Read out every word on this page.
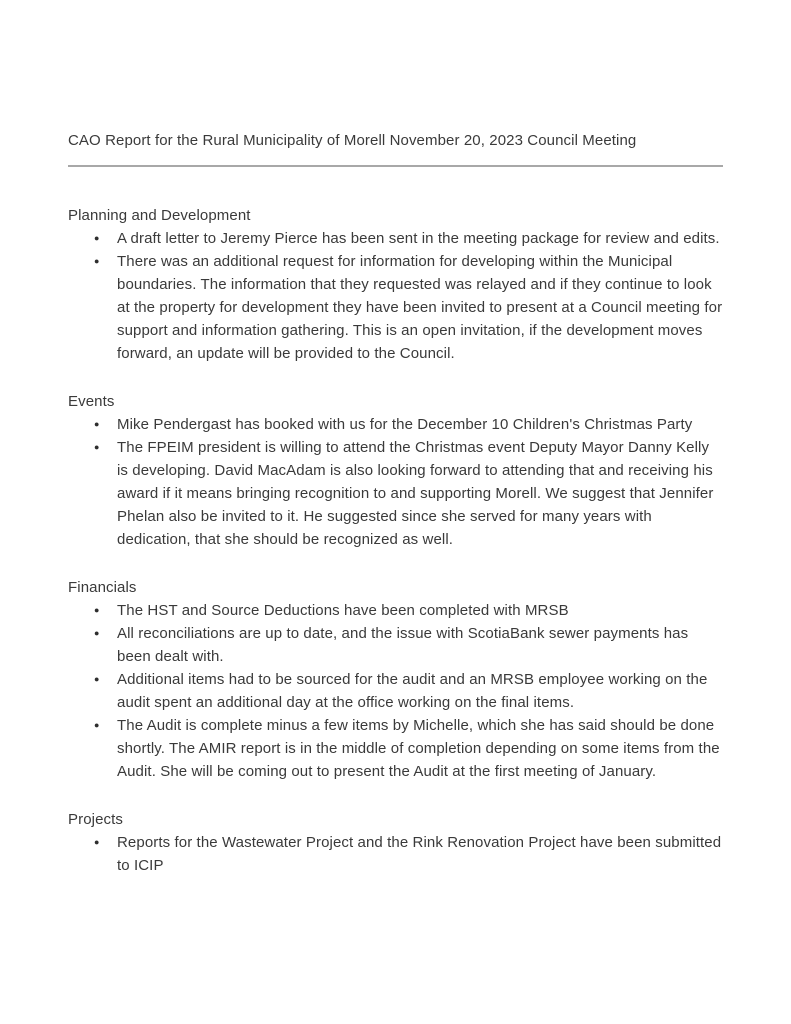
CAO Report for the Rural Municipality of Morell November 20, 2023 Council Meeting
Planning and Development
●	A draft letter to Jeremy Pierce has been sent in the meeting package for review and edits.
●	There was an additional request for information for developing within the Municipal boundaries. The information that they requested was relayed and if they continue to look at the property for development they have been invited to present at a Council meeting for support and information gathering. This is an open invitation, if the development moves forward, an update will be provided to the Council.
Events
●	Mike Pendergast has booked with us for the December 10 Children's Christmas Party
●	The FPEIM president is willing to attend the Christmas event Deputy Mayor Danny Kelly is developing. David MacAdam is also looking forward to attending that and receiving his award if it means bringing recognition to and supporting Morell. We suggest that Jennifer Phelan also be invited to it. He suggested since she served for many years with dedication, that she should be recognized as well.
Financials
●	The HST and Source Deductions have been completed with MRSB
●	All reconciliations are up to date, and the issue with ScotiaBank sewer payments has been dealt with.
●	Additional items had to be sourced for the audit and an MRSB employee working on the audit spent an additional day at the office working on the final items.
●	The Audit is complete minus a few items by Michelle, which she has said should be done shortly. The AMIR report is in the middle of completion depending on some items from the Audit. She will be coming out to present the Audit at the first meeting of January.
Projects
●	Reports for the Wastewater Project and the Rink Renovation Project have been submitted to ICIP
